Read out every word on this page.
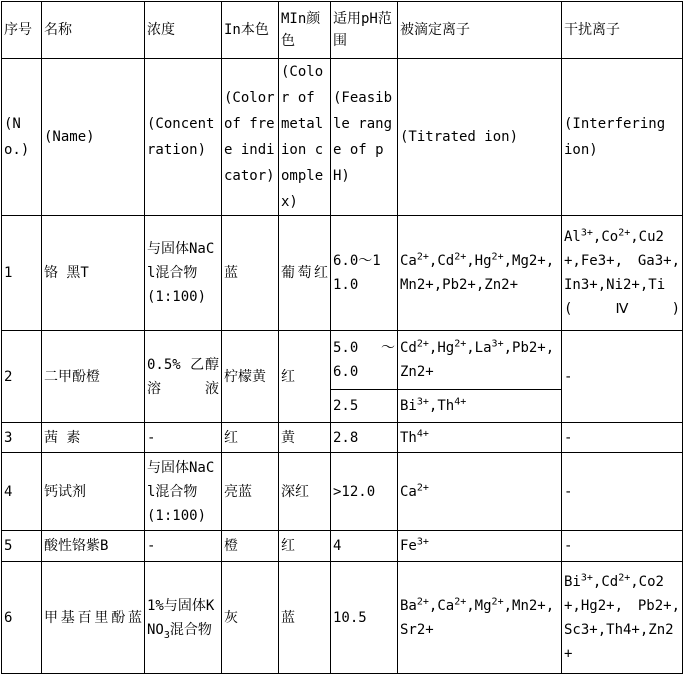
序号	名称	浓度	In本色	MIn颜色	适用pH范围	被滴定离子	干扰离子
(No.)	(Name)	(Concentration)	(Color of free indicator)	(Color of metal ion complex)	(Feasible range of pH)	(Titrated ion)	(Interfering ion)
1	铬 黑T	与固体NaCl混合物(1:100)	蓝	葡萄红	6.0～11.0	$Ca^{2+},Cd^{2+},Hg^{2+},Mg2+,Mn2+,Pb2+,Zn2+$	$Al^{3+},Co^{2+},Cu2+,Fe3+$, Ga3+,In3+,Ni2+,Ti(Ⅳ)
2	二甲酚橙	0.5% 乙醇溶液	柠檬黄	红	5.0 ～6.0	$Cd^{2+},Hg^{2+},La^{3+},Pb2+,Zn2+$	-
					2.5	$Bi^{3+},Th^{4+}$
3	茜 素	-	红	黄	2.8	$Th^{4+}$	-
4	钙试剂	与固体NaCl混合物(1:100)	亮蓝	深红	>12.0	$Ca^{2+}$	-
5	酸性铬紫B	-	橙	红	4	$Fe^{3+}$	-
6	甲基百里酚蓝	1%与固体$KNO_3$混合物	灰	蓝	10.5	$Ba^{2+},Ca^{2+},Mg^{2+},Mn2+,Sr2+$	$Bi^{3+},Cd^{2+},Co2+,Hg2+$, Pb2+,Sc3+,Th4+,Zn2+
